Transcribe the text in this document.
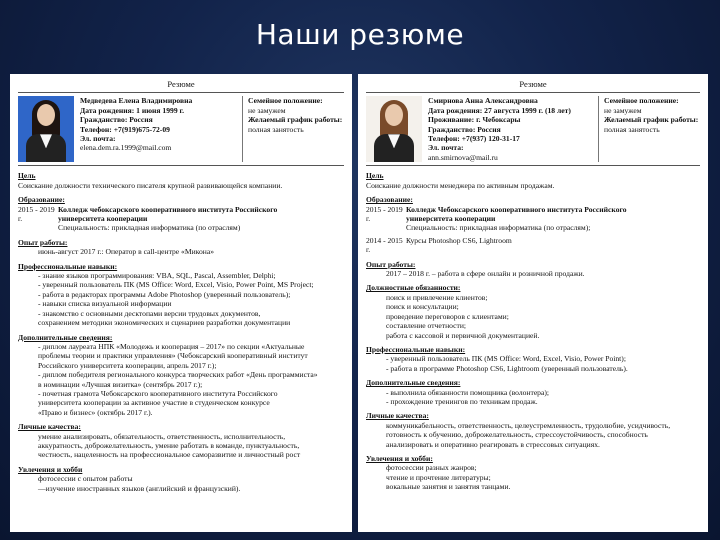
Наши резюме
Резюме
Медведева Елена Владимировна
Дата рождения: 1 июня 1999 г.
Гражданство: Россия
Телефон: +7(919)675-72-09
Эл. почта:
elena.dem.ra.1999@mail.com
Семейное положение:
не замужем
Желаемый график работы:
полная занятость
Цель
Соискание должности технического писателя крупной развивающейся компании.
Образование:
2015 - 2019 г.
Колледж чебоксарского кооперативного института Российского
университета кооперации
Специальность: прикладная информатика (по отраслям)
Опыт работы:
июнь-август 2017 г.: Оператор в call-центре «Микона»
Профессиональные навыки:
- знание языков программирования: VBA, SQL, Pascal, Assembler, Delphi;
- уверенный пользователь ПК (MS Office: Word, Excel, Visio, Power Point, MS Project;
- работа в редакторах программы Adobe Photoshop (уверенный пользователь);
- навыки списка визуальной информации
- знакомство с основными десктопами версии трудовых документов,
сохранением методики экономических и сценариев разработки документации
Дополнительные сведения:
- диплом лауреата НПК «Молодежь и кооперация – 2017» по секции «Актуальные
проблемы теории и практики управления» (Чебоксарский кооперативный институт
Российского университета кооперации, апрель 2017 г.);
- диплом победителя регионального конкурса творческих работ «День программиста»
в номинации «Лучшая визитка» (сентябрь 2017 г.);
- почетная грамота Чебоксарского кооперативного института Российского
университета кооперации за активное участие в студенческом конкурсе
«Право и бизнес» (октябрь 2017 г.).
Личные качества:
умение анализировать, обязательность, ответственность, исполнительность,
аккуратность, доброжелательность, умение работать в команде, пунктуальность,
честность, нацеленность на профессиональное саморазвитие и личностный рост
Увлечения и хобби
фотосессии с опытом работы
—изучение иностранных языков (английский и французский).
Резюме
Смирнова Анна Александровна
Дата рождения: 27 августа 1999 г. (18 лет)
Проживание: г. Чебоксары
Гражданство: Россия
Телефон: +7(937) 120-31-17
Эл. почта:
ann.smirnova@mail.ru
Семейное положение:
не замужем
Желаемый график работы:
полная занятость
Цель
Соискание должности менеджера по активным продажам.
Образование:
2015 - 2019 г.
Колледж Чебоксарского кооперативного института Российского
университета кооперации
Специальность: прикладная информатика (по отраслям);
2014 - 2015 г.
Курсы Photoshop CS6, Lightroom
Опыт работы:
2017 – 2018 г. – работа в сфере онлайн и розничной продажи.
Должностные обязанности:
поиск и привлечение клиентов;
поиск и консультации;
проведение переговоров с клиентами;
составление отчетности;
работа с кассовой и первичной документацией.
Профессиональные навыки:
- уверенный пользователь ПК (MS Office: Word, Excel, Visio, Power Point);
- работа в программе Photoshop CS6, Lightroom (уверенный пользователь).
Дополнительные сведения:
- выполнила обязанности помощника (волонтера);
- прохождение тренингов по техникам продаж.
Личные качества:
коммуникабельность, ответственность, целеустремленность, трудолюбие, усидчивость,
готовность к обучению, доброжелательность, стрессоустойчивость, способность
анализировать и оперативно реагировать в стрессовых ситуациях.
Увлечения и хобби:
фотосессии разных жанров;
чтение и прочтение литературы;
вокальные занятия и занятия танцами.
